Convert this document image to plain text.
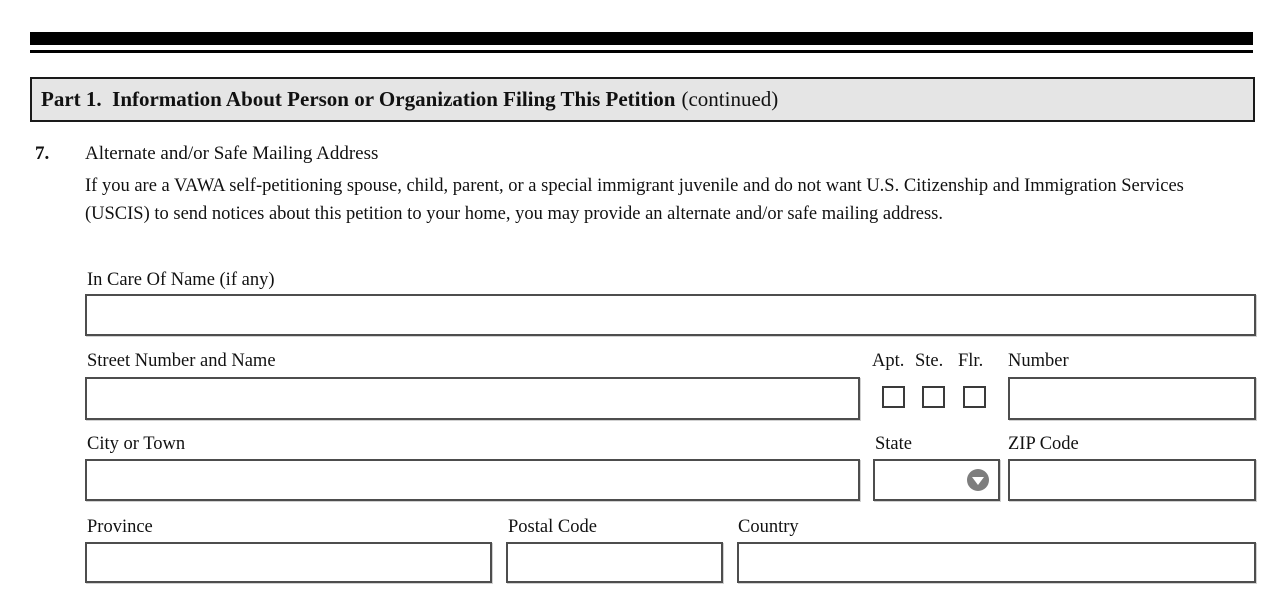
Part 1.  Information About Person or Organization Filing This Petition (continued)
7. Alternate and/or Safe Mailing Address
If you are a VAWA self-petitioning spouse, child, parent, or a special immigrant juvenile and do not want U.S. Citizenship and Immigration Services (USCIS) to send notices about this petition to your home, you may provide an alternate and/or safe mailing address.
In Care Of Name (if any)
Street Number and Name	Apt. Ste. Flr. Number
City or Town	State	ZIP Code
Province	Postal Code	Country
